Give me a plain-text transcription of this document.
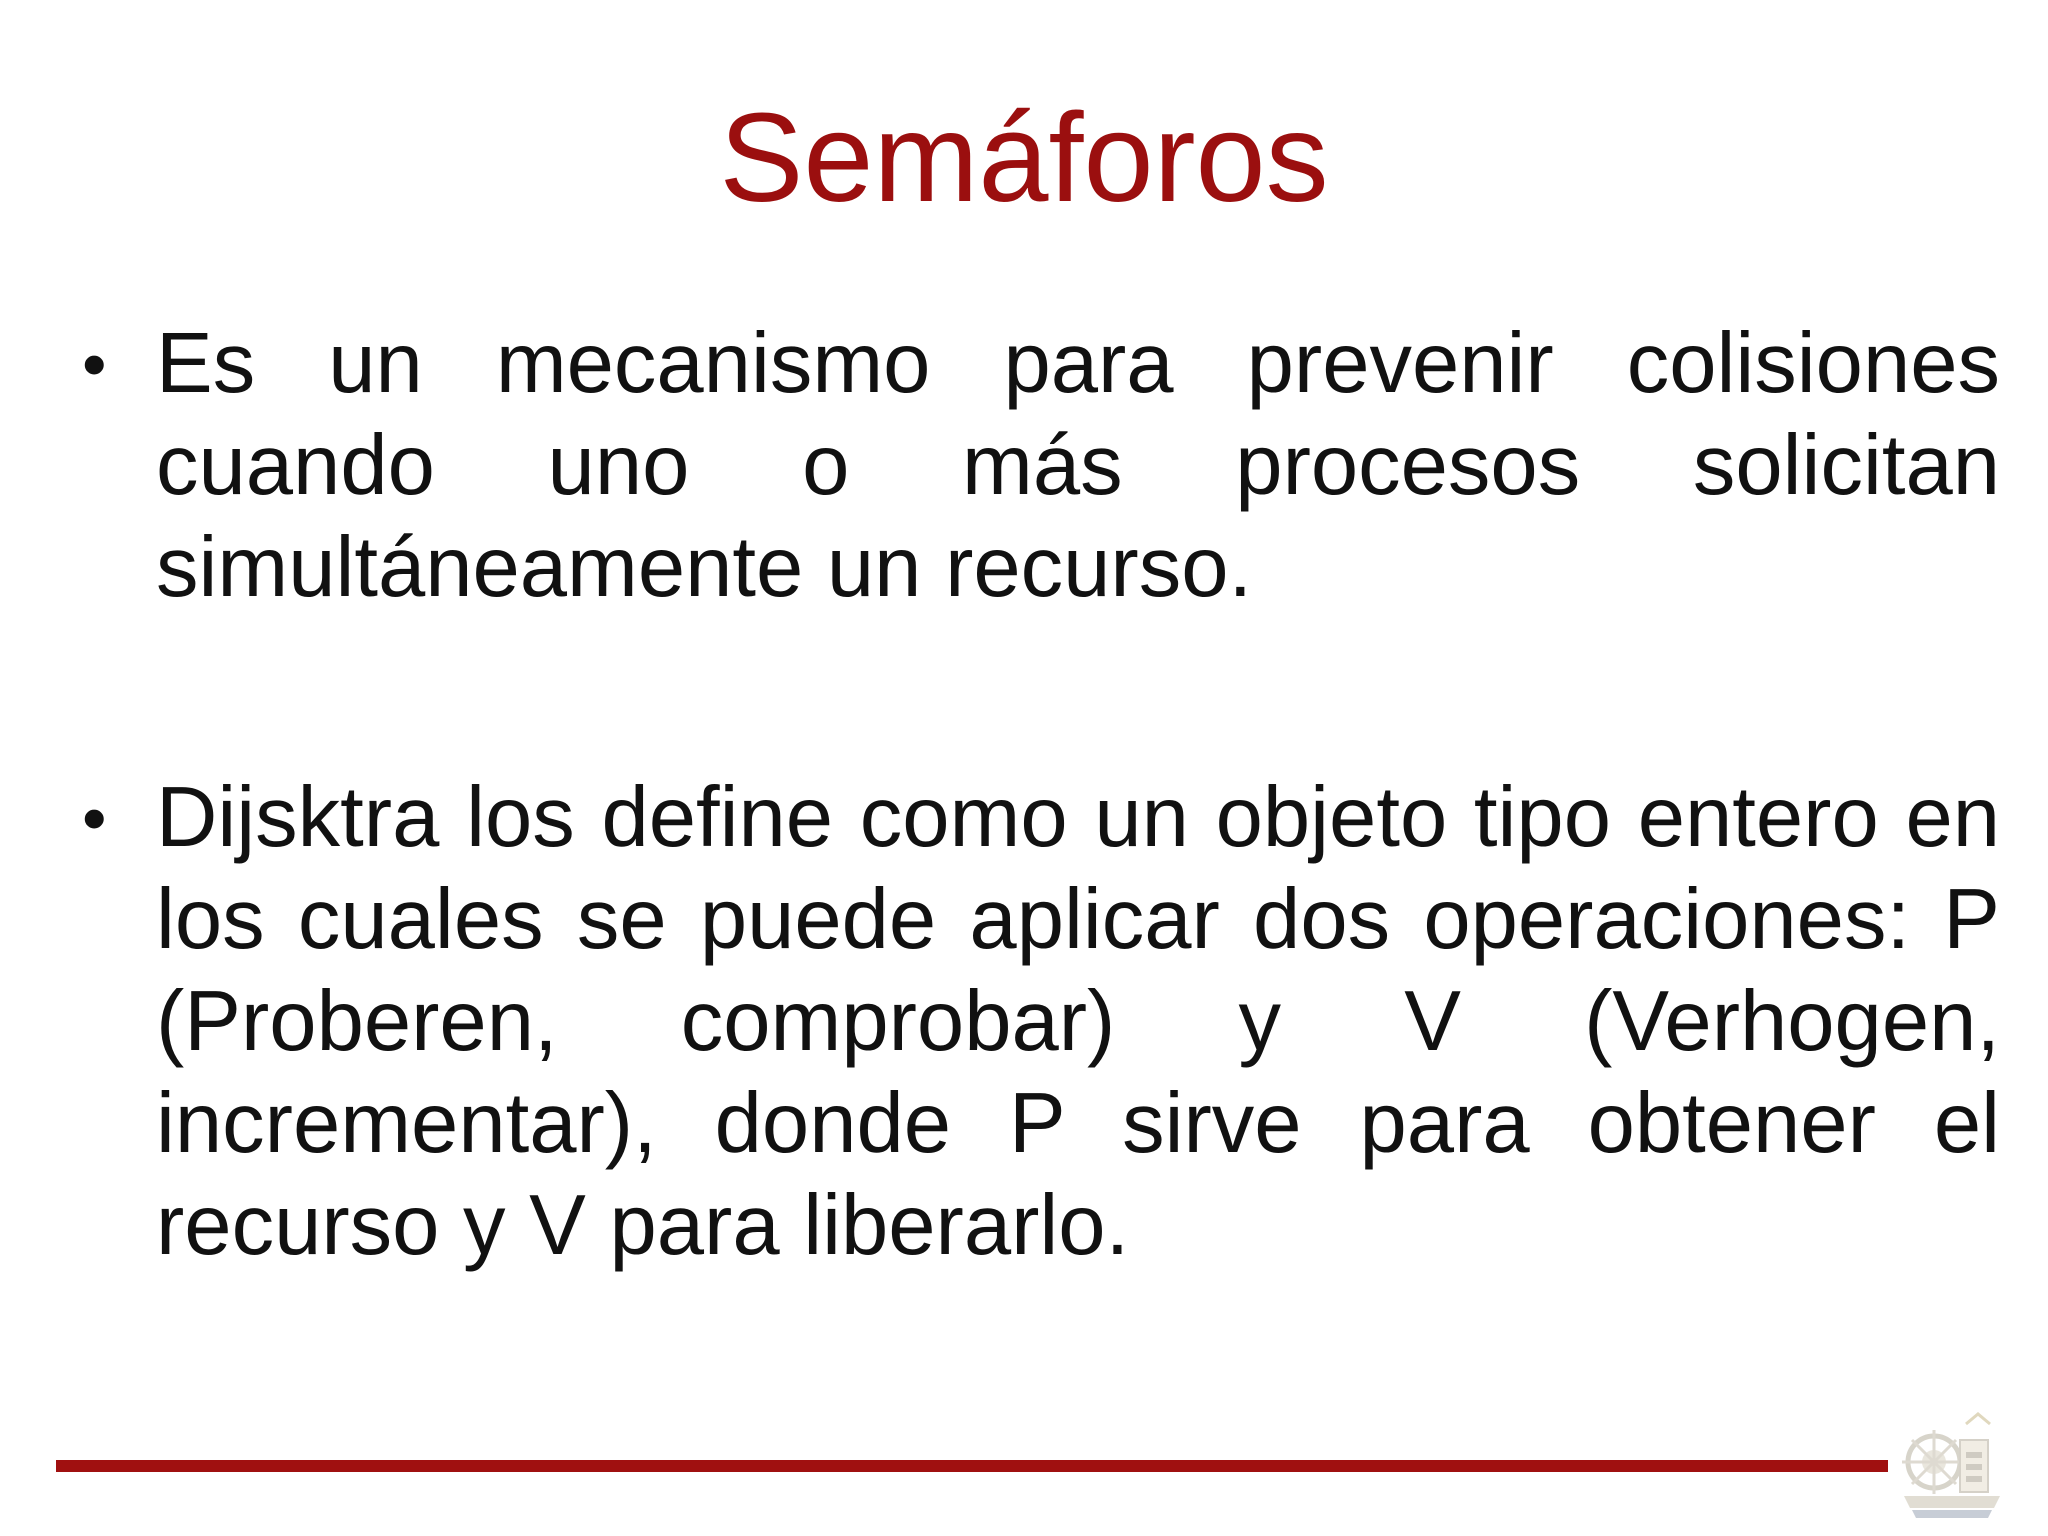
Semáforos
• Es un mecanismo para prevenir colisiones cuando uno o más procesos solicitan simultáneamente un recurso.
• Dijsktra los define como un objeto tipo entero en los cuales se puede aplicar dos operaciones: P (Proberen, comprobar) y V (Verhogen, incrementar), donde P sirve para obtener el recurso y V para liberarlo.
